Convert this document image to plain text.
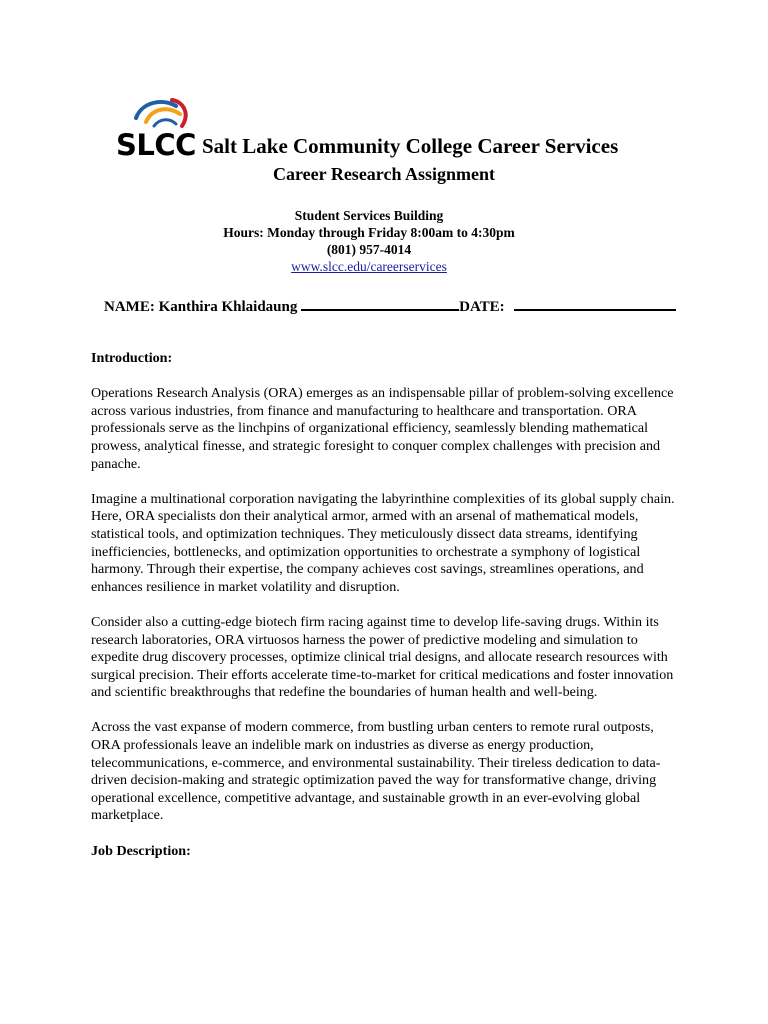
SLCC Salt Lake Community College Career Services
Career Research Assignment
Student Services Building
Hours: Monday through Friday 8:00am to 4:30pm
(801) 957-4014
www.slcc.edu/careerservices
NAME: Kanthira Khlaidaung	DATE:
Introduction:

Operations Research Analysis (ORA) emerges as an indispensable pillar of problem-solving excellence across various industries, from finance and manufacturing to healthcare and transportation. ORA professionals serve as the linchpins of organizational efficiency, seamlessly blending mathematical prowess, analytical finesse, and strategic foresight to conquer complex challenges with precision and panache.

Imagine a multinational corporation navigating the labyrinthine complexities of its global supply chain. Here, ORA specialists don their analytical armor, armed with an arsenal of mathematical models, statistical tools, and optimization techniques. They meticulously dissect data streams, identifying inefficiencies, bottlenecks, and optimization opportunities to orchestrate a symphony of logistical harmony. Through their expertise, the company achieves cost savings, streamlines operations, and enhances resilience in market volatility and disruption.

Consider also a cutting-edge biotech firm racing against time to develop life-saving drugs. Within its research laboratories, ORA virtuosos harness the power of predictive modeling and simulation to expedite drug discovery processes, optimize clinical trial designs, and allocate research resources with surgical precision. Their efforts accelerate time-to-market for critical medications and foster innovation and scientific breakthroughs that redefine the boundaries of human health and well-being.

Across the vast expanse of modern commerce, from bustling urban centers to remote rural outposts, ORA professionals leave an indelible mark on industries as diverse as energy production, telecommunications, e-commerce, and environmental sustainability. Their tireless dedication to data-driven decision-making and strategic optimization paved the way for transformative change, driving operational excellence, competitive advantage, and sustainable growth in an ever-evolving global marketplace.

Job Description:
